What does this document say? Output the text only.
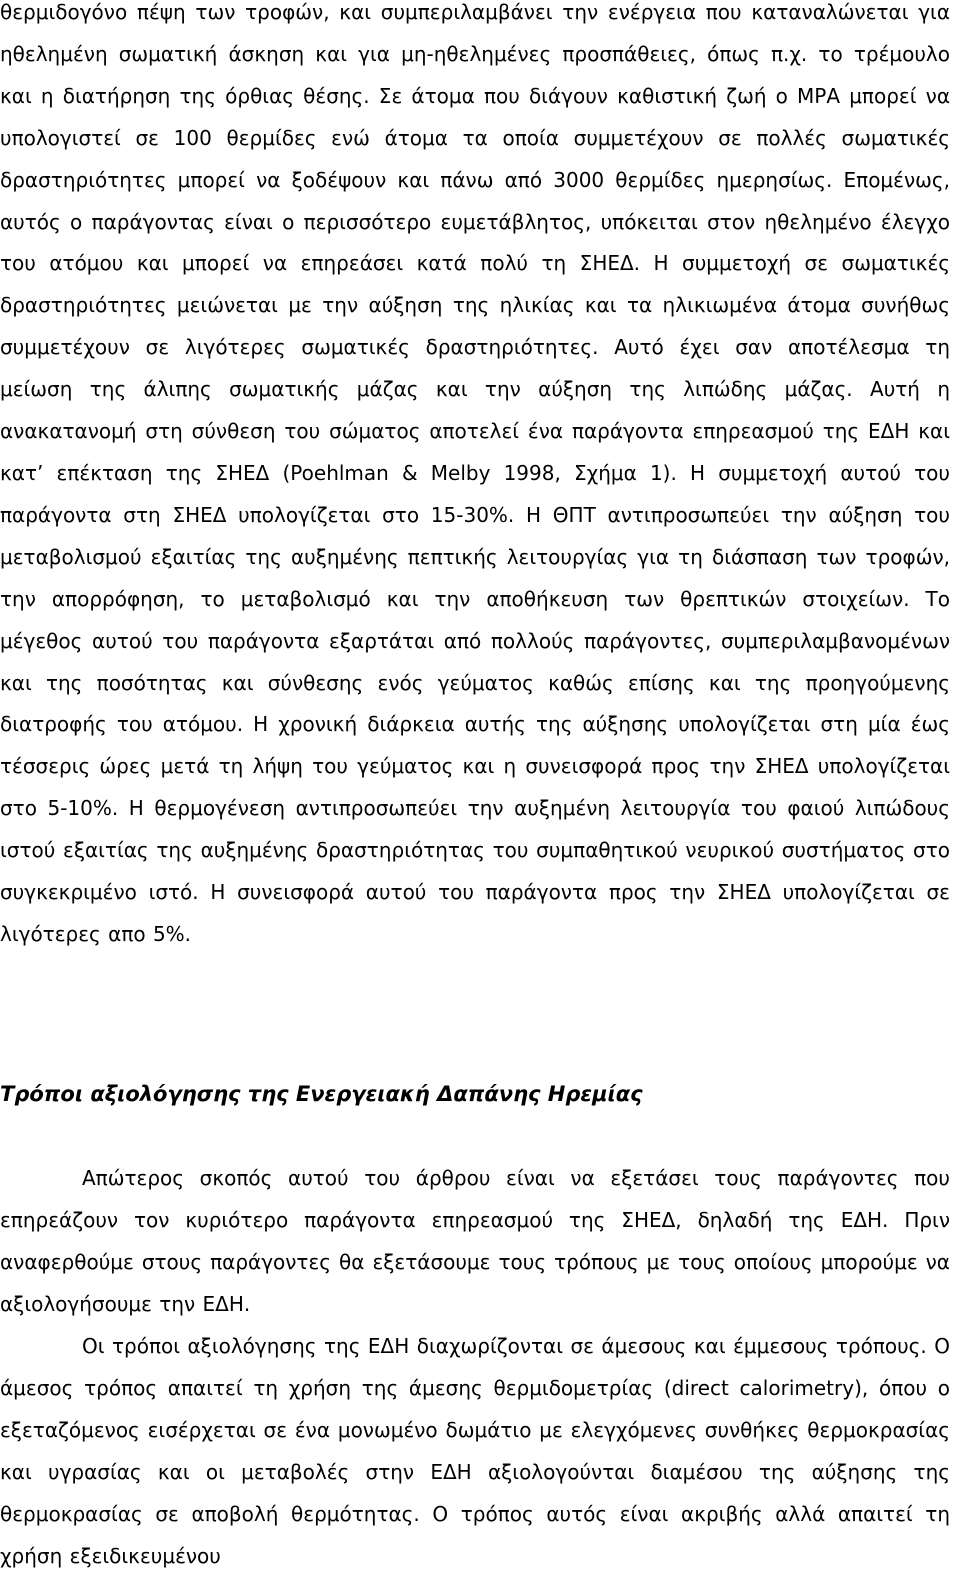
θερμιδογόνο πέψη των τροφών, και συμπεριλαμβάνει την ενέργεια που καταναλώνεται για ηθελημένη σωματική άσκηση και για μη-ηθελημένες προσπάθειες, όπως π.χ. το τρέμουλο και η διατήρηση της όρθιας θέσης. Σε άτομα που διάγουν καθιστική ζωή ο ΜΡΑ μπορεί να υπολογιστεί σε 100 θερμίδες ενώ άτομα τα οποία συμμετέχουν σε πολλές σωματικές δραστηριότητες μπορεί να ξοδέψουν και πάνω από 3000 θερμίδες ημερησίως. Επομένως, αυτός ο παράγοντας είναι ο περισσότερο ευμετάβλητος, υπόκειται στον ηθελημένο έλεγχο του ατόμου και μπορεί να επηρεάσει κατά πολύ τη ΣΗΕΔ. Η συμμετοχή σε σωματικές δραστηριότητες μειώνεται με την αύξηση της ηλικίας και τα ηλικιωμένα άτομα συνήθως συμμετέχουν σε λιγότερες σωματικές δραστηριότητες. Αυτό έχει σαν αποτέλεσμα τη μείωση της άλιπης σωματικής μάζας και την αύξηση της λιπώδης μάζας. Αυτή η ανακατανομή στη σύνθεση του σώματος αποτελεί ένα παράγοντα επηρεασμού της ΕΔΗ και κατ’ επέκταση της ΣΗΕΔ (Poehlman & Melby 1998, Σχήμα 1). Η συμμετοχή αυτού του παράγοντα στη ΣΗΕΔ υπολογίζεται στο 15-30%. Η ΘΠΤ αντιπροσωπεύει την αύξηση του μεταβολισμού εξαιτίας της αυξημένης πεπτικής λειτουργίας για τη διάσπαση των τροφών, την απορρόφηση, το μεταβολισμό και την αποθήκευση των θρεπτικών στοιχείων. Το μέγεθος αυτού του παράγοντα εξαρτάται από πολλούς παράγοντες, συμπεριλαμβανομένων και της ποσότητας και σύνθεσης ενός γεύματος καθώς επίσης και της προηγούμενης διατροφής του ατόμου. Η χρονική διάρκεια αυτής της αύξησης υπολογίζεται στη μία έως τέσσερις ώρες μετά τη λήψη του γεύματος και η συνεισφορά προς την ΣΗΕΔ υπολογίζεται στο 5-10%. Η θερμογένεση αντιπροσωπεύει την αυξημένη λειτουργία του φαιού λιπώδους ιστού εξαιτίας της αυξημένης δραστηριότητας του συμπαθητικού νευρικού συστήματος στο συγκεκριμένο ιστό. Η συνεισφορά αυτού του παράγοντα προς την ΣΗΕΔ υπολογίζεται σε λιγότερες απο 5%.

Τρόποι αξιολόγησης της Ενεργειακή Δαπάνης Ηρεμίας

Απώτερος σκοπός αυτού του άρθρου είναι να εξετάσει τους παράγοντες που επηρεάζουν τον κυριότερο παράγοντα επηρεασμού της ΣΗΕΔ, δηλαδή της ΕΔΗ. Πριν αναφερθούμε στους παράγοντες θα εξετάσουμε τους τρόπους με τους οποίους μπορούμε να αξιολογήσουμε την ΕΔΗ.

Οι τρόποι αξιολόγησης της ΕΔΗ διαχωρίζονται σε άμεσους και έμμεσους τρόπους. Ο άμεσος τρόπος απαιτεί τη χρήση της άμεσης θερμιδομετρίας (direct calorimetry), όπου ο εξεταζόμενος εισέρχεται σε ένα μονωμένο δωμάτιο με ελεγχόμενες συνθήκες θερμοκρασίας και υγρασίας και οι μεταβολές στην ΕΔΗ αξιολογούνται διαμέσου της αύξησης της θερμοκρασίας σε αποβολή θερμότητας. Ο τρόπος αυτός είναι ακριβής αλλά απαιτεί τη χρήση εξειδικευμένου
